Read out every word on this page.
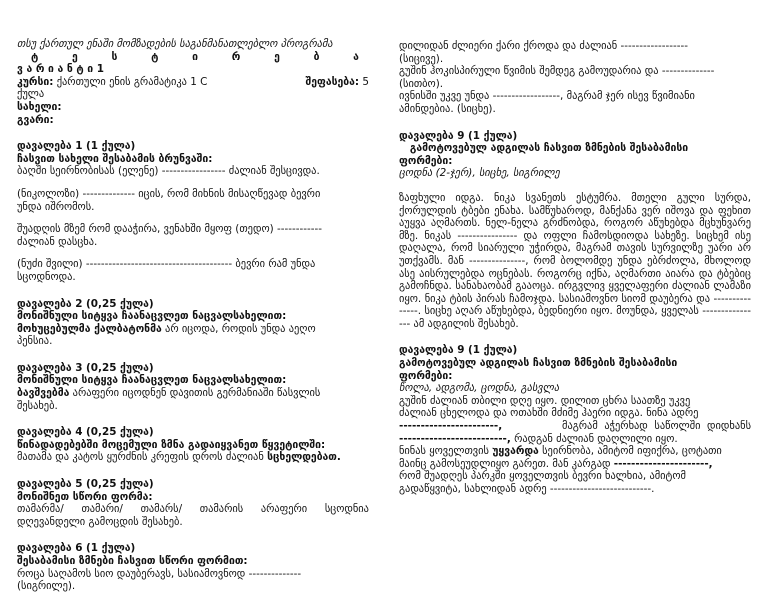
თსუ ქართულ ენაში მომზადების საგანმანათლებლო პროგრამა

ტ	ე	ს	ტ	ი	რ	ე	ბ	ა

ვ ა რ ი ა ნ ტ ი 1

კურსი: ქართული ენის გრამატიკა 1 C	შეფასება: 5

ქულა

სახელი:

გვარი:

დავალება 1 (1 ქულა)

ჩასვით სახელი შესაბამის ბრუნვაში:

ბაღში სეირნობისას (ელენე) ----------------- ძალიან შესცივდა.

(ნიკოლოზი) -------------- იცის, რომ მიხნის მისაღწევად ბევრი

უნდა იშრომოს.

შუადღის მზემ რომ დააჭირა, ვენახში მყოფ (თედო) ------------

ძალიან დასცხა.

(ნუძი შვილი) --------------------------------------- ბევრი რამ უნდა

სცოდნოდა.

დავალება 2 (0,25 ქულა)

მონიშნული სიტყვა ჩაანაცვლეთ ნაცვალსახელით:

მოხუცებულმა ქალბატონმა არ იცოდა, როდის უნდა აეღო

პენსია.

დავალება 3 (0,25 ქულა)

მონიშნული სიტყვა ჩაანაცვლეთ ნაცვალსახელით:

ბავშვებმა არაფერი იცოდნენ დავითის გერმანიაში წასვლის

შესახებ.

დავალება 4 (0,25 ქულა)

წინადადებებში მოცემული ზმნა გადაიყვანეთ წყვეტილში:

მათამა და კატოს ყურძნის კრეფის დროს ძალიან სცხელდებათ.

დავალება 5 (0,25 ქულა)

მონიშნეთ სწორი ფორმა:

თამარმა/ თამარი/ თამარს/ თამარის არაფერი სცოდნია

დღევანდელი გამოცდის შესახებ.

დავალება 6 (1 ქულა)

შესაბამისი ზმნები ჩასვით სწორი ფორმით:

როცა საღამოს სიო დაუბერავს, სასიამოვნოდ --------------

(სიგრილე).

დილიდან ძლიერი ქარი ქროდა და ძალიან ------------------

(სიცივე).

გუშინ ჰოკისპირული წვიმის შემდეგ გამოუდარია და --------------

(სითბო).

ივნისში უკვე უნდა ------------------, მაგრამ ჯერ ისევ წვიმიანი

ამინდებია. (სიცხე).

დავალება 9 (1 ქულა)

გამოტოვებულ ადგილას ჩასვით ზმნების შესაბამისი

ფორმები:

ცოდნა (2-ჯერ), სიცხე, სიგრილე

ზაფხული იდგა. ნიკა სვანეთს ესტუმრა. მთელი გული სურდა, ქორულდის ტბები ენახა. სამწუხაროდ, მანქანა ვერ იშოვა და ფეხით აუყვა აღმართს. ნელ-ნელა გრძნობდა, როგორ აწუხებდა მცხუნვარე მზე. ნიკას ---------------- და ოფლი ჩამოსდიოდა სახეზე. სიცხემ ისე დაღალა, რომ სიარული უჭირდა, მაგრამ თავის სურვილზე უარი არ უთქვამს. მან ---------------, რომ ბოლომდე უნდა ებრძოლა, მხოლოდ ასე აისრულებდა ოცნებას. როგორც იქნა, აღმართი აიარა და ტბებიც გამოჩნდა. სანახაობამ გააოცა. ირგვლივ ყველაფერი ძალიან ლამაზი იყო. ნიკა ტბის პირას ჩამოჯდა. სასიამოვნო სიომ დაუბერა და ---------------. სიცხე აღარ აწუხებდა, ბედნიერი იყო. მოუნდა, ყველას ---------------- ამ ადგილის შესახებ.

დავალება 9 (1 ქულა)

გამოტოვებულ ადგილას ჩასვით ზმნების შესაბამისი

ფორმები:

წოლა, ადგომა, ცოდნა, გასვლა

გუშინ ძალიან თბილი დღე იყო. დილით ცხრა საათზე უკვე

ძალიან ცხელოდა და ოთახში მძიმე ჰაერი იდგა. ნინა ადრე

-----------------------,	მაგრამ  აჭერხად  საწოლში  დიდხანს

-------------------------, რადგან ძალიან დაღლილი იყო.

ნინას ყოველთვის უყვარდა სეირნობა, ამიტომ იფიქრა, ცოტათი

მაინც გამოსეუდლიყო გარეთ. მან კარგად ----------------------,

რომ შუადღეს პარკში ყოველთვის ბევრი ხალხია, ამიტომ

გადაწყვიტა, სახლიდან ადრე ---------------------------.
